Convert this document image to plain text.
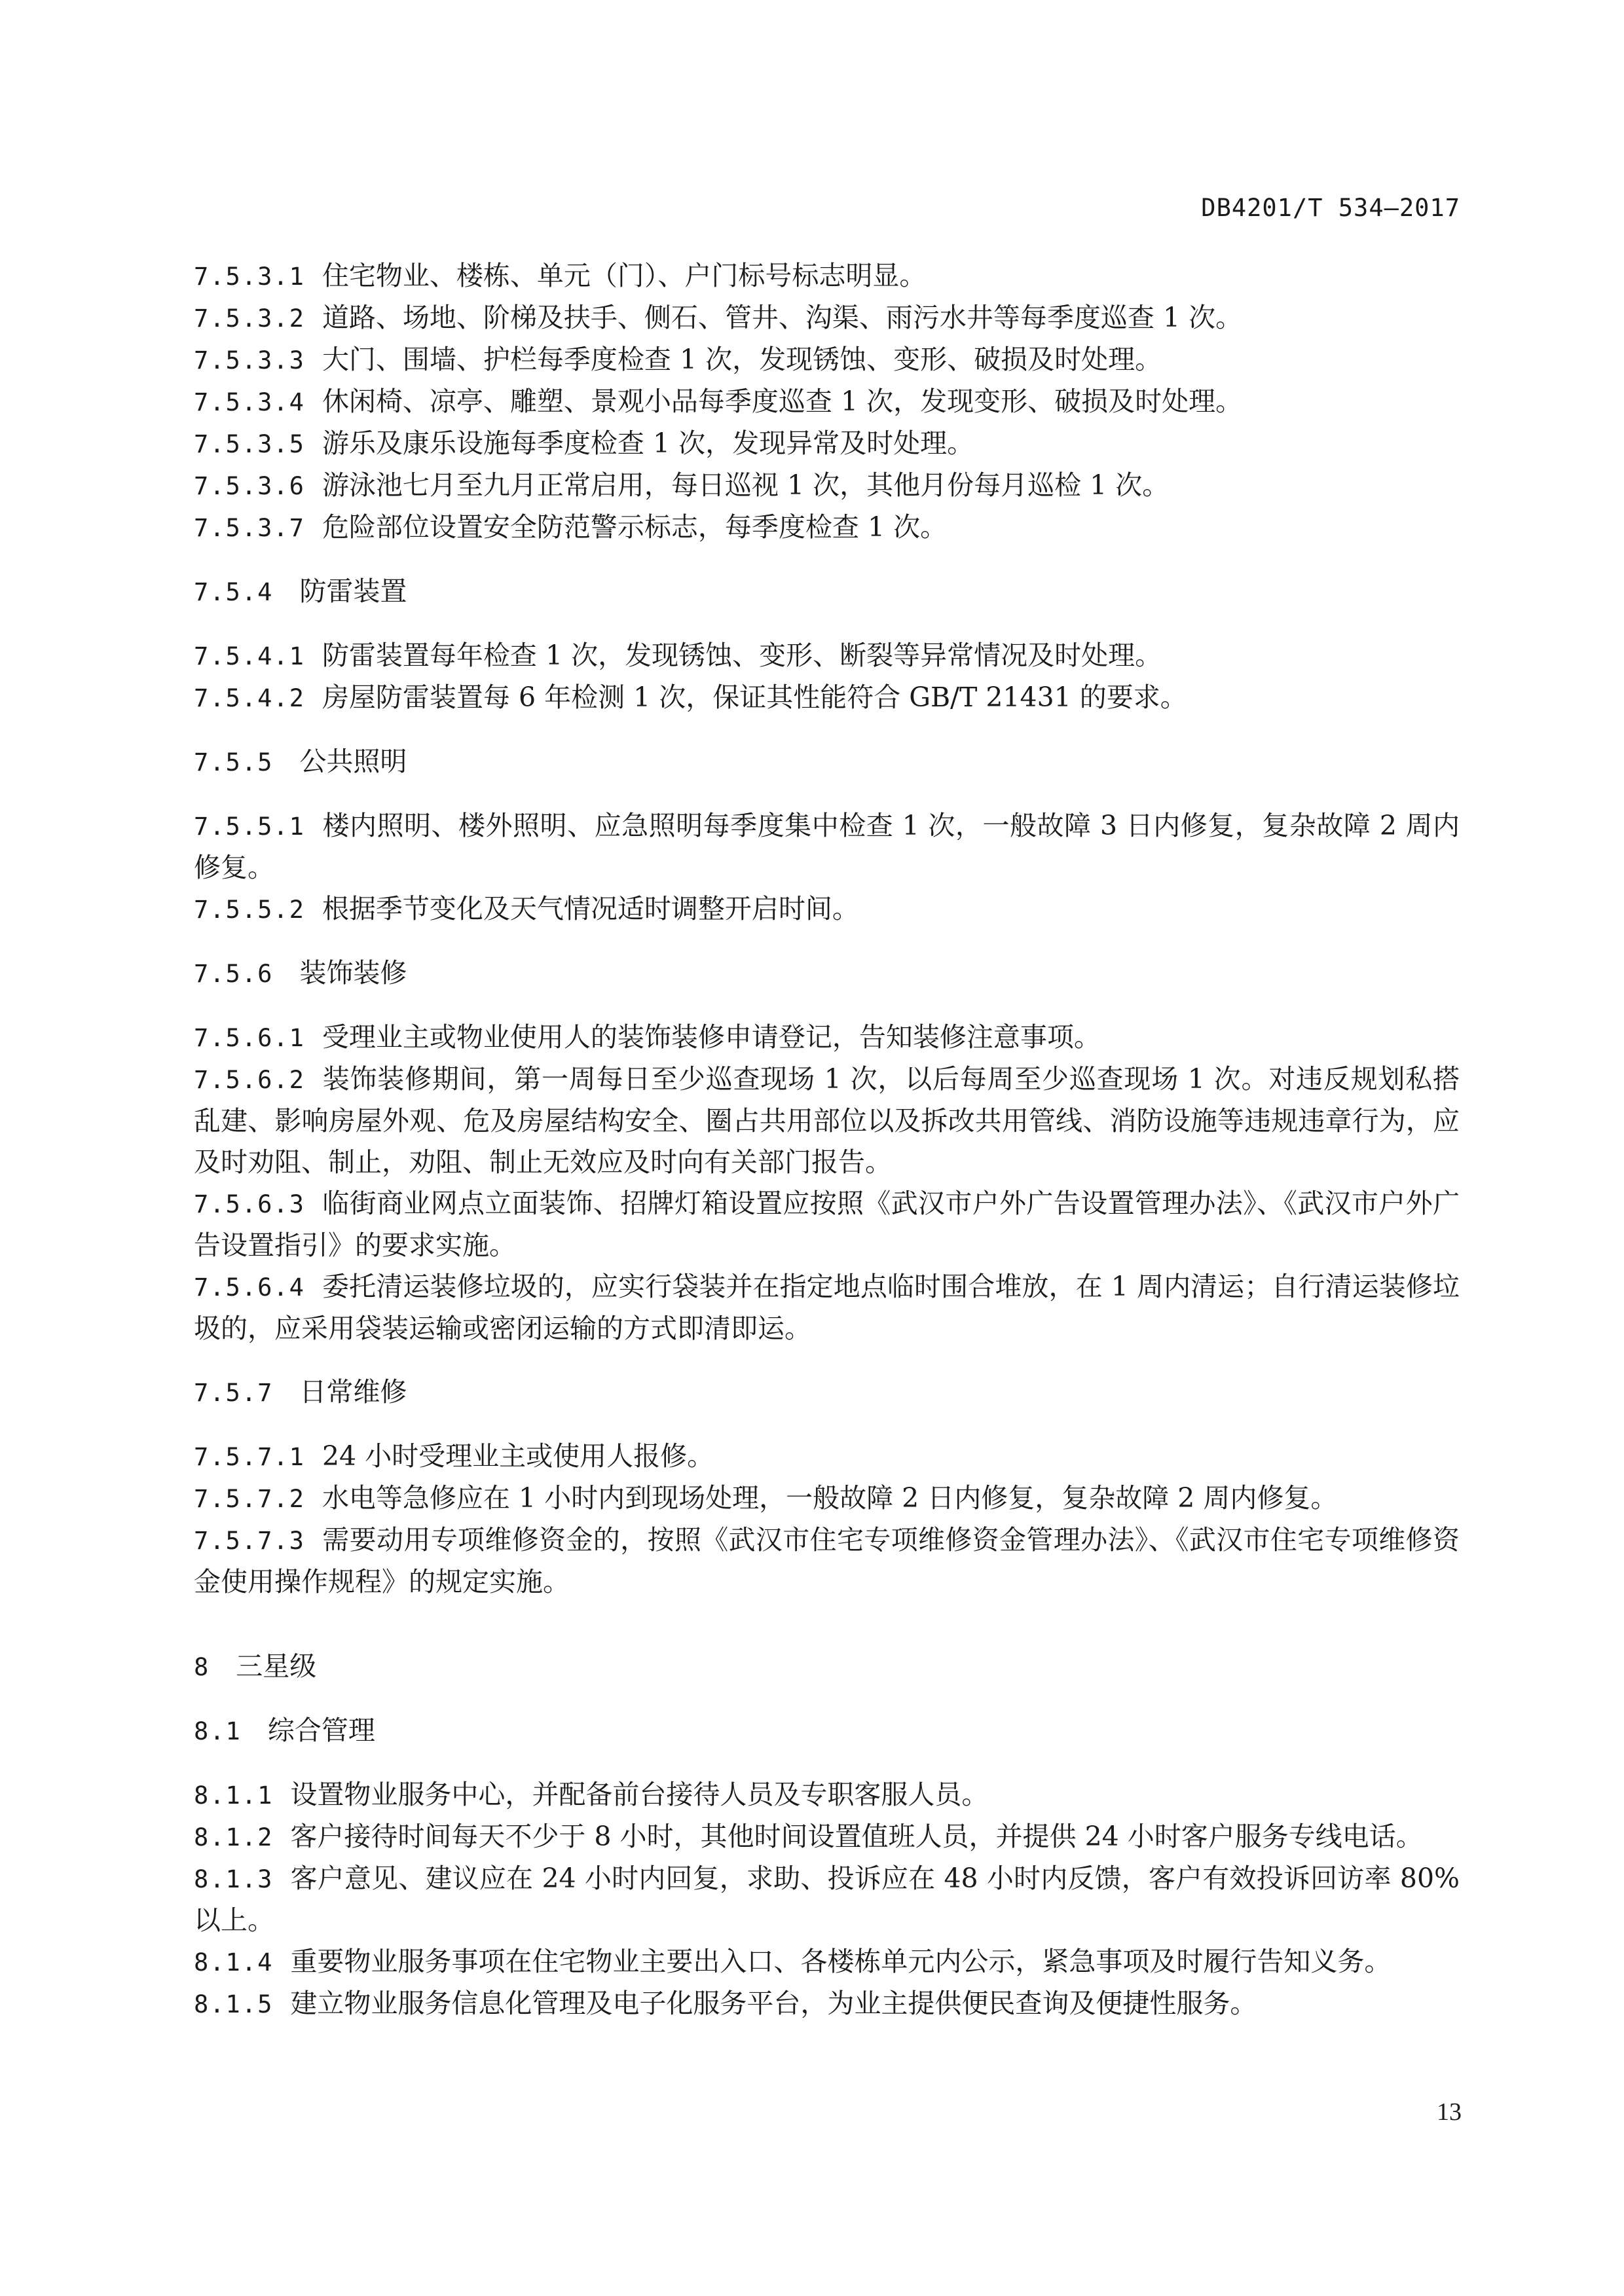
DB4201/T 534—2017

7.5.3.1 住宅物业、楼栋、单元（门）、户门标号标志明显。

7.5.3.2 道路、场地、阶梯及扶手、侧石、管井、沟渠、雨污水井等每季度巡查 1 次。

7.5.3.3 大门、围墙、护栏每季度检查 1 次，发现锈蚀、变形、破损及时处理。

7.5.3.4 休闲椅、凉亭、雕塑、景观小品每季度巡查 1 次，发现变形、破损及时处理。

7.5.3.5 游乐及康乐设施每季度检查 1 次，发现异常及时处理。

7.5.3.6 游泳池七月至九月正常启用，每日巡视 1 次，其他月份每月巡检 1 次。

7.5.3.7 危险部位设置安全防范警示标志，每季度检查 1 次。

7.5.4 防雷装置

7.5.4.1 防雷装置每年检查 1 次，发现锈蚀、变形、断裂等异常情况及时处理。

7.5.4.2 房屋防雷装置每 6 年检测 1 次，保证其性能符合 GB/T 21431 的要求。

7.5.5 公共照明

7.5.5.1 楼内照明、楼外照明、应急照明每季度集中检查 1 次，一般故障 3 日内修复，复杂故障 2 周内修复。

7.5.5.2 根据季节变化及天气情况适时调整开启时间。

7.5.6 装饰装修

7.5.6.1 受理业主或物业使用人的装饰装修申请登记，告知装修注意事项。

7.5.6.2 装饰装修期间，第一周每日至少巡查现场 1 次，以后每周至少巡查现场 1 次。对违反规划私搭乱建、影响房屋外观、危及房屋结构安全、圈占共用部位以及拆改共用管线、消防设施等违规违章行为，应及时劝阻、制止，劝阻、制止无效应及时向有关部门报告。

7.5.6.3 临街商业网点立面装饰、招牌灯箱设置应按照《武汉市户外广告设置管理办法》、《武汉市户外广告设置指引》的要求实施。

7.5.6.4 委托清运装修垃圾的，应实行袋装并在指定地点临时围合堆放，在 1 周内清运；自行清运装修垃圾的，应采用袋装运输或密闭运输的方式即清即运。

7.5.7 日常维修

7.5.7.1 24 小时受理业主或使用人报修。

7.5.7.2 水电等急修应在 1 小时内到现场处理，一般故障 2 日内修复，复杂故障 2 周内修复。

7.5.7.3 需要动用专项维修资金的，按照《武汉市住宅专项维修资金管理办法》、《武汉市住宅专项维修资金使用操作规程》的规定实施。

8 三星级

8.1 综合管理

8.1.1 设置物业服务中心，并配备前台接待人员及专职客服人员。

8.1.2 客户接待时间每天不少于 8 小时，其他时间设置值班人员，并提供 24 小时客户服务专线电话。

8.1.3 客户意见、建议应在 24 小时内回复，求助、投诉应在 48 小时内反馈，客户有效投诉回访率 80%以上。

8.1.4 重要物业服务事项在住宅物业主要出入口、各楼栋单元内公示，紧急事项及时履行告知义务。

8.1.5 建立物业服务信息化管理及电子化服务平台，为业主提供便民查询及便捷性服务。

13
